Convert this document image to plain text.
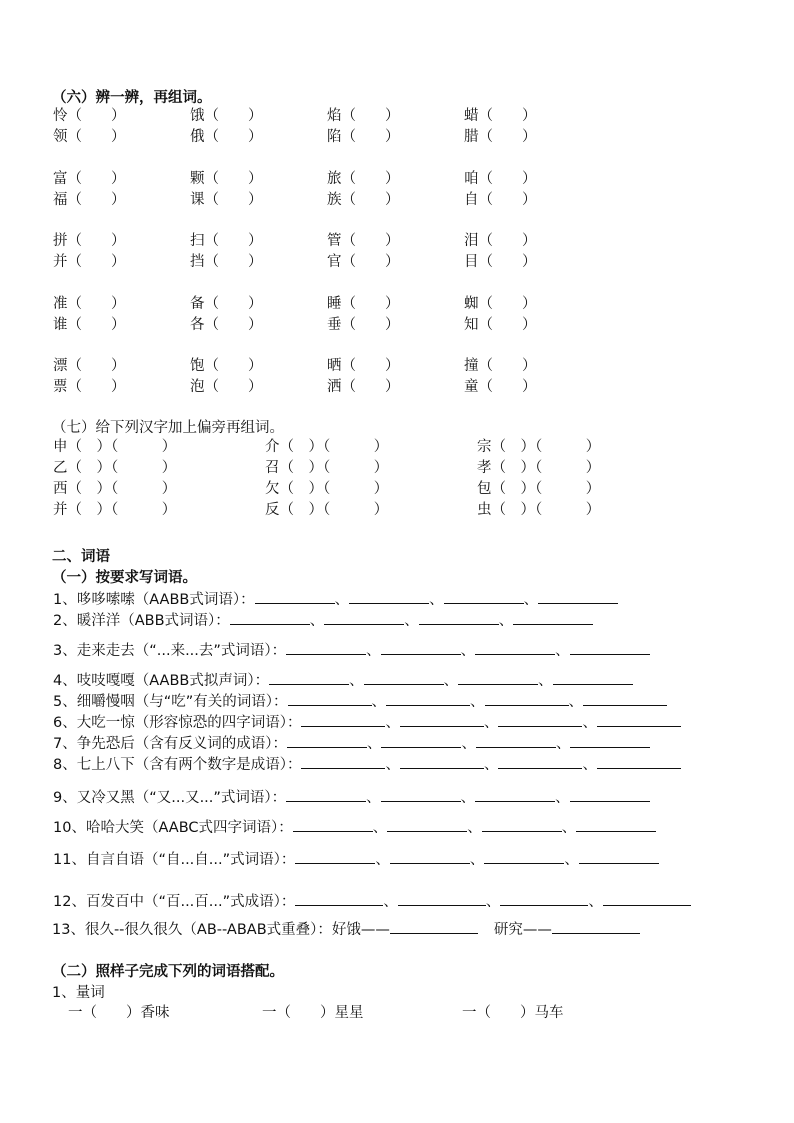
（六）辨一辨，再组词。
怜（　　）	饿（　　）	焰（　　）	蜡（　　）
领（　　）	俄（　　）	陷（　　）	腊（　　）
富（　　）	颗（　　）	旅（　　）	咱（　　）
福（　　）	课（　　）	族（　　）	自（　　）
拼（　　）	扫（　　）	管（　　）	泪（　　）
并（　　）	挡（　　）	官（　　）	目（　　）
准（　　）	备（　　）	睡（　　）	蜘（　　）
谁（　　）	各（　　）	垂（　　）	知（　　）
漂（　　）	饱（　　）	晒（　　）	撞（　　）
票（　　）	泡（　　）	洒（　　）	童（　　）
（七）给下列汉字加上偏旁再组词。
申（　）（　　　）	介（　）（　　　）	宗（　）（　　　）
乙（　）（　　　）	召（　）（　　　）	孝（　）（　　　）
西（　）（　　　）	欠（　）（　　　）	包（　）（　　　）
并（　）（　　　）	反（　）（　　　）	虫（　）（　　　）
二、词语
（一）按要求写词语。
1、哆哆嗦嗦（AABB式词语）：	、	、	、
2、暖洋洋（ABB式词语）：	、	、	、
3、走来走去（“...来...去”式词语）：	、	、	、
4、吱吱嘎嘎（AABB式拟声词）：	、	、	、
5、细嚼慢咽（与“吃”有关的词语）：	、	、	、
6、大吃一惊（形容惊恐的四字词语）：	、	、	、
7、争先恐后（含有反义词的成语）：	、	、	、
8、七上八下（含有两个数字是成语）：	、	、	、
9、又冷又黑（“又...又...”式词语）：	、	、	、
10、哈哈大笑（AABC式四字词语）：	、	、	、
11、自言自语（“自...自...”式词语）：	、	、	、
12、百发百中（“百...百...”式成语）：	、	、	、
13、很久--很久很久（AB--ABAB式重叠）：好饿——	研究——
（二）照样子完成下列的词语搭配。
1、量词
一（　　）香味	一（　　）星星	一（　　）马车
